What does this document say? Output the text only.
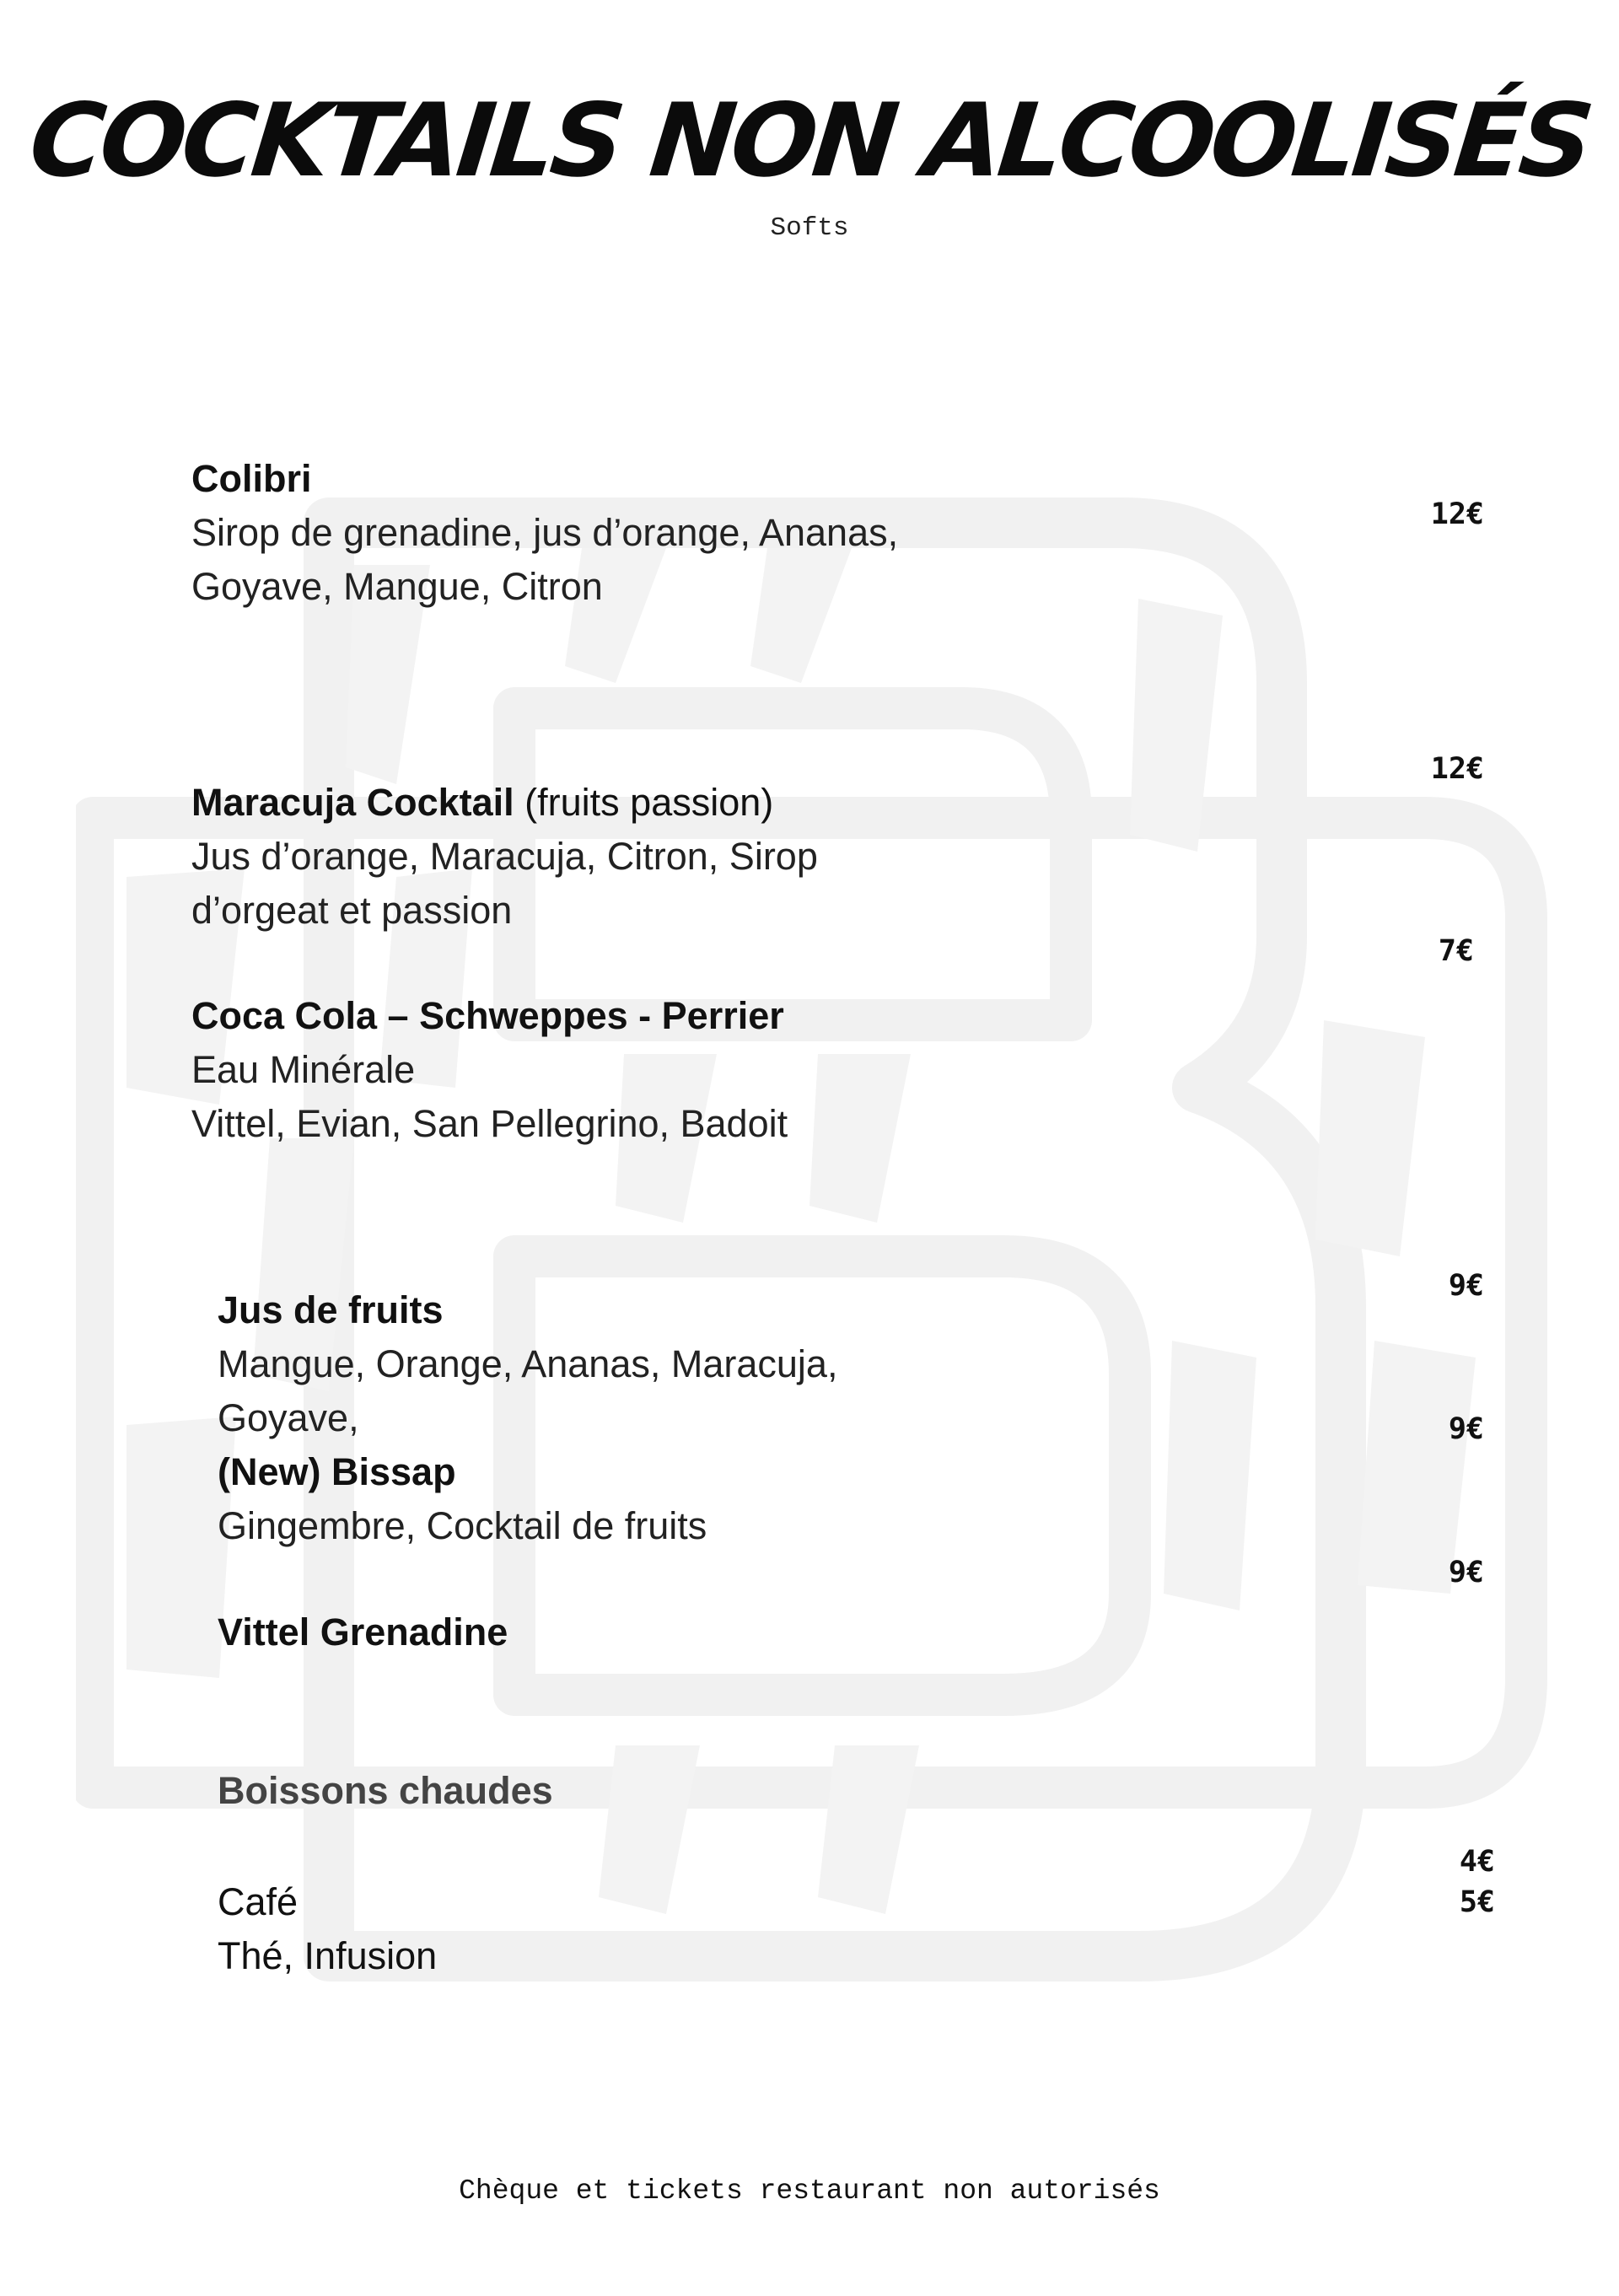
COCKTAILS NON ALCOOLISÉS
Softs
Colibri
Sirop de grenadine, jus d’orange, Ananas,
Goyave, Mangue, Citron
12€
12€
Maracuja Cocktail (fruits passion)
Jus d’orange, Maracuja, Citron, Sirop
d’orgeat et passion
7€
Coca Cola – Schweppes - Perrier
Eau Minérale
Vittel, Evian, San Pellegrino, Badoit
9€
Jus de fruits
Mangue, Orange, Ananas, Maracuja,
Goyave,	9€
(New) Bissap
Gingembre, Cocktail de fruits
9€
Vittel Grenadine
Boissons chaudes
4€
5€
Café
Thé, Infusion
Chèque et tickets restaurant non autorisés
